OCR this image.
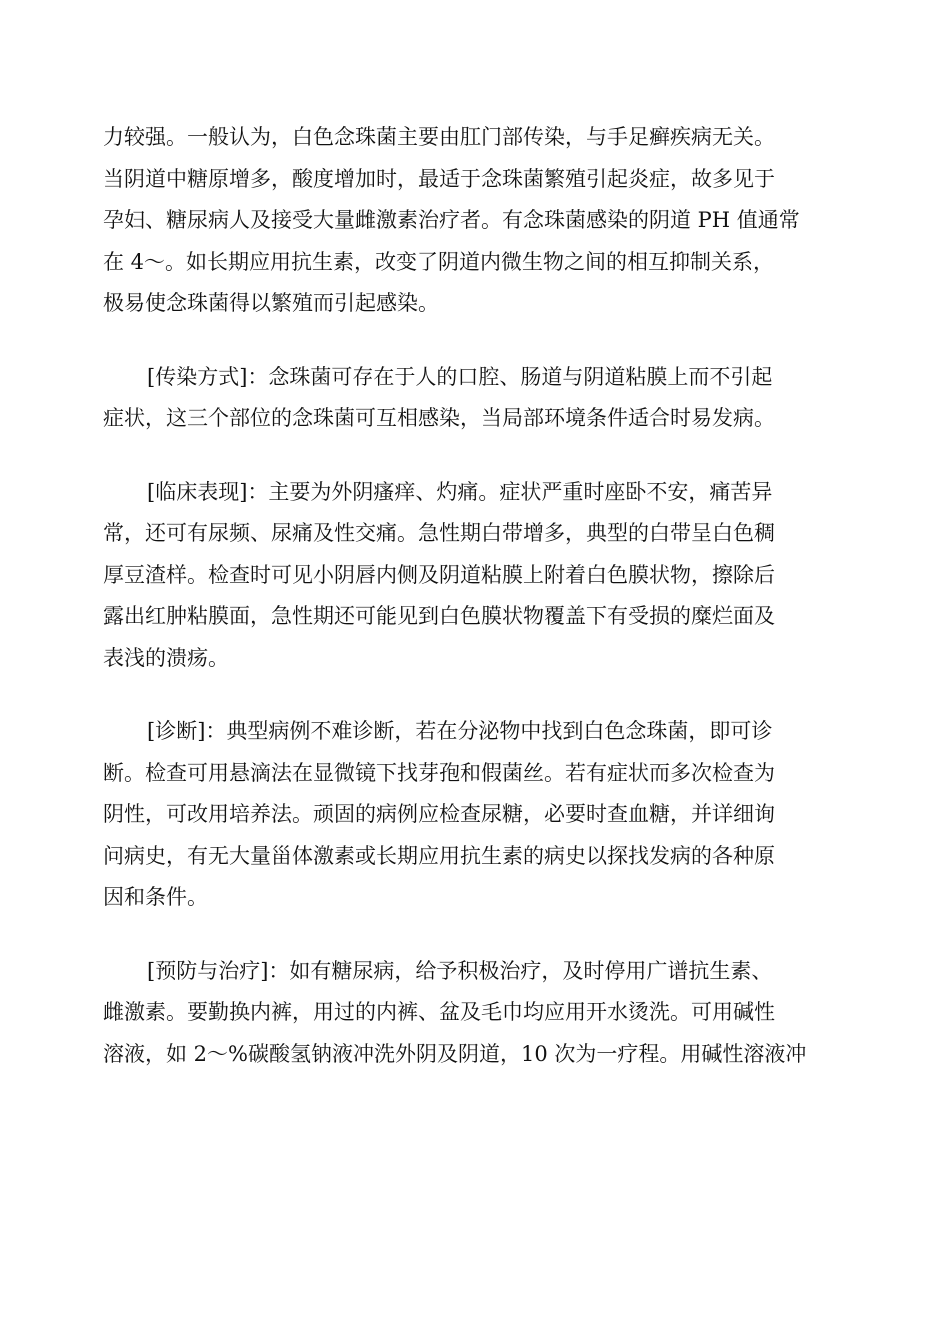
力较强。一般认为，白色念珠菌主要由肛门部传染，与手足癣疾病无关。
当阴道中糖原增多，酸度增加时，最适于念珠菌繁殖引起炎症，故多见于
孕妇、糖尿病人及接受大量雌激素治疗者。有念珠菌感染的阴道 PH 值通常
在 4～。如长期应用抗生素，改变了阴道内微生物之间的相互抑制关系，
极易使念珠菌得以繁殖而引起感染。
[传染方式]：念珠菌可存在于人的口腔、肠道与阴道粘膜上而不引起
症状，这三个部位的念珠菌可互相感染，当局部环境条件适合时易发病。
[临床表现]：主要为外阴瘙痒、灼痛。症状严重时座卧不安，痛苦异
常，还可有尿频、尿痛及性交痛。急性期白带增多，典型的白带呈白色稠
厚豆渣样。检查时可见小阴唇内侧及阴道粘膜上附着白色膜状物，擦除后
露出红肿粘膜面，急性期还可能见到白色膜状物覆盖下有受损的糜烂面及
表浅的溃疡。
[诊断]：典型病例不难诊断，若在分泌物中找到白色念珠菌，即可诊
断。检查可用悬滴法在显微镜下找芽孢和假菌丝。若有症状而多次检查为
阴性，可改用培养法。顽固的病例应检查尿糖，必要时查血糖，并详细询
问病史，有无大量甾体激素或长期应用抗生素的病史以探找发病的各种原
因和条件。
[预防与治疗]：如有糖尿病，给予积极治疗，及时停用广谱抗生素、
雌激素。要勤换内裤，用过的内裤、盆及毛巾均应用开水烫洗。可用碱性
溶液，如 2～%碳酸氢钠液冲洗外阴及阴道，10 次为一疗程。用碱性溶液冲
